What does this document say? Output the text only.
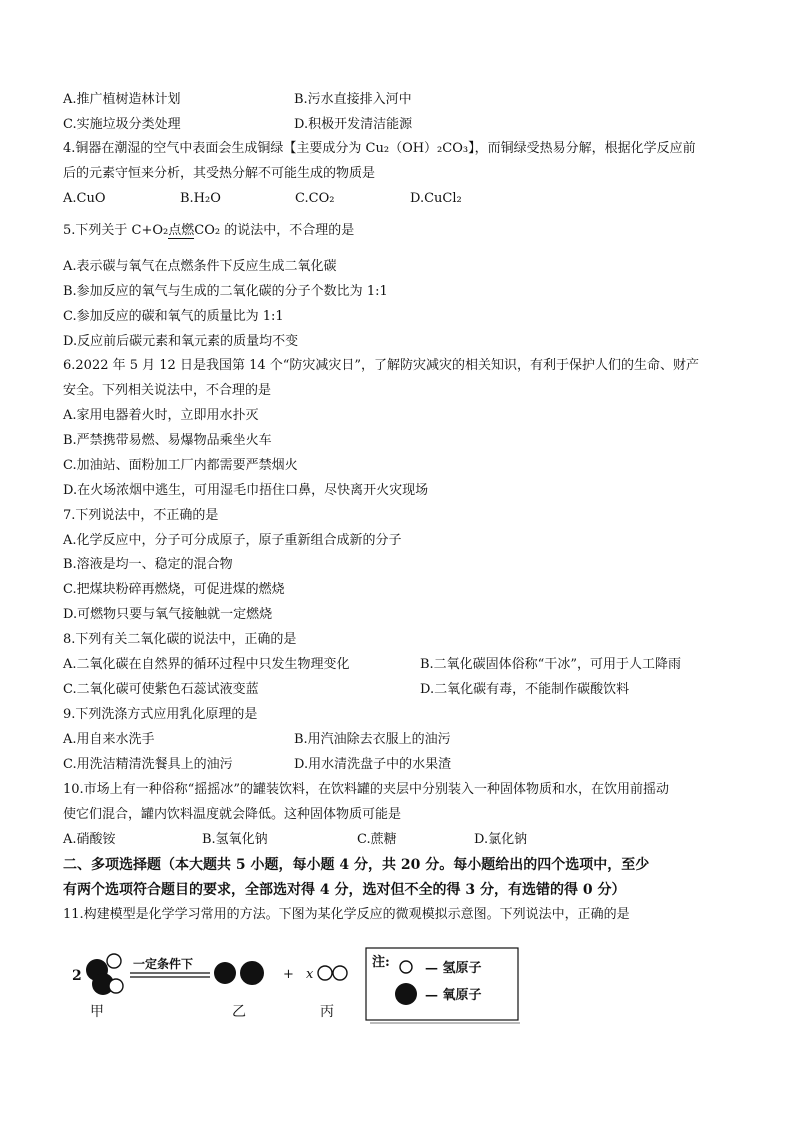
A.推广植树造林计划	B.污水直接排入河中
C.实施垃圾分类处理	D.积极开发清洁能源
4.铜器在潮湿的空气中表面会生成铜绿【主要成分为 Cu₂（OH）₂CO₃】，而铜绿受热易分解，根据化学反应前
后的元素守恒来分析，其受热分解不可能生成的物质是
A.CuO	B.H₂O	C.CO₂	D.CuCl₂
5.下列关于 C+O₂点燃CO₂ 的说法中，不合理的是
A.表示碳与氧气在点燃条件下反应生成二氧化碳
B.参加反应的氧气与生成的二氧化碳的分子个数比为 1:1
C.参加反应的碳和氧气的质量比为 1:1
D.反应前后碳元素和氧元素的质量均不变
6.2022 年 5 月 12 日是我国第 14 个“防灾减灾日”，了解防灾减灾的相关知识，有利于保护人们的生命、财产
安全。下列相关说法中，不合理的是
A.家用电器着火时，立即用水扑灭
B.严禁携带易燃、易爆物品乘坐火车
C.加油站、面粉加工厂内都需要严禁烟火
D.在火场浓烟中逃生，可用湿毛巾捂住口鼻，尽快离开火灾现场
7.下列说法中，不正确的是
A.化学反应中，分子可分成原子，原子重新组合成新的分子
B.溶液是均一、稳定的混合物
C.把煤块粉碎再燃烧，可促进煤的燃烧
D.可燃物只要与氧气接触就一定燃烧
8.下列有关二氧化碳的说法中，正确的是
A.二氧化碳在自然界的循环过程中只发生物理变化	B.二氧化碳固体俗称“干冰”，可用于人工降雨
C.二氧化碳可使紫色石蕊试液变蓝	D.二氧化碳有毒，不能制作碳酸饮料
9.下列洗涤方式应用乳化原理的是
A.用自来水洗手	B.用汽油除去衣服上的油污
C.用洗洁精清洗餐具上的油污	D.用水清洗盘子中的水果渣
10.市场上有一种俗称“摇摇冰”的罐装饮料，在饮料罐的夹层中分别装入一种固体物质和水，在饮用前摇动
使它们混合，罐内饮料温度就会降低。这种固体物质可能是
A.硝酸铵	B.氢氧化钠	C.蔗糖	D.氯化钠
二、多项选择题（本大题共 5 小题，每小题 4 分，共 20 分。每小题给出的四个选项中，至少
有两个选项符合题目的要求，全部选对得 4 分，选对但不全的得 3 分，有选错的得 0 分）
11.构建模型是化学学习常用的方法。下图为某化学反应的微观模拟示意图。下列说法中，正确的是
2
一定条件下
+ x
甲	乙	丙
注:	— 氢原子
— 氧原子
